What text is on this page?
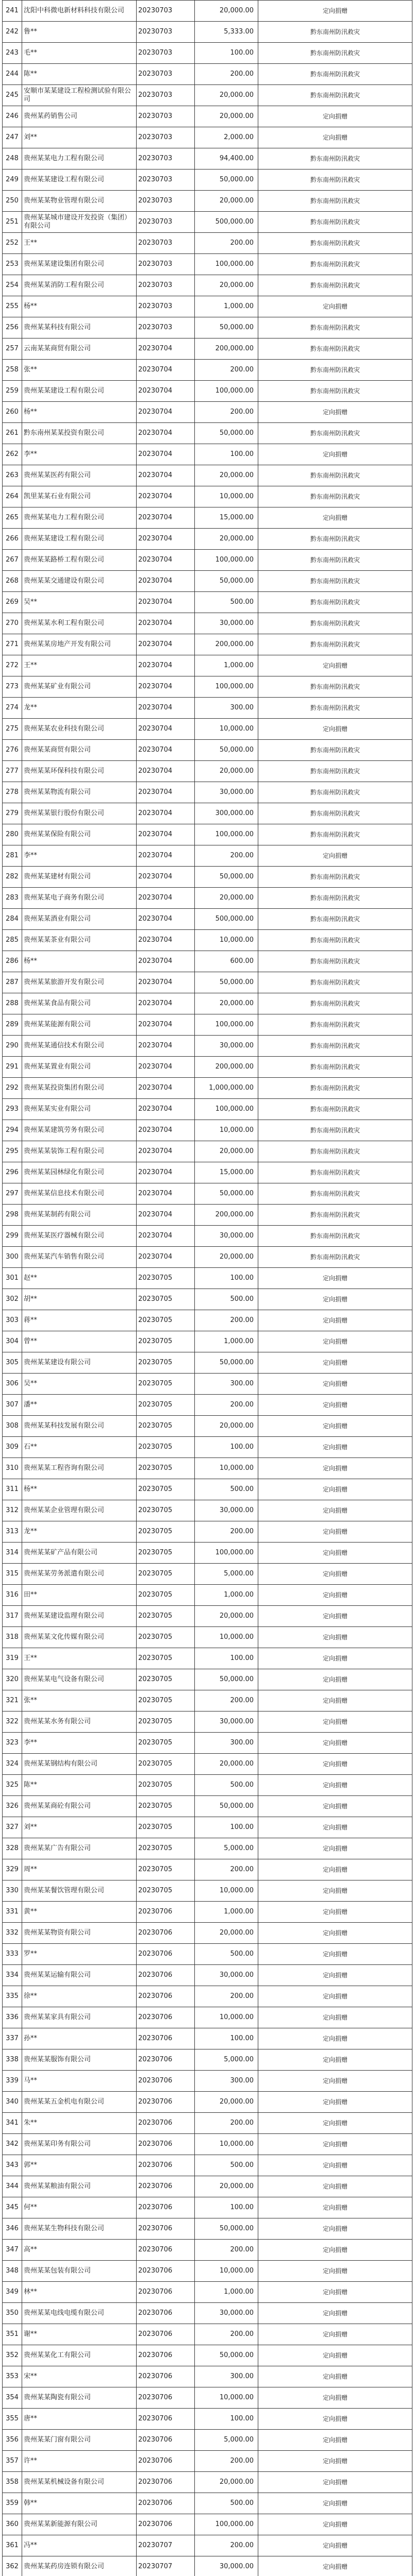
241	沈阳中科微电新材料科技有限公司	20230703	20,000.00	定向捐赠
242	鲁**	20230703	5,333.00	黔东南州防汛救灾
243	毛**	20230703	100.00	黔东南州防汛救灾
244	陈**	20230703	200.00	黔东南州防汛救灾
245	安顺市某某建设工程检测试验有限公司	20230703	20,000.00	黔东南州防汛救灾
246	贵州某药销售公司	20230703	20,000.00	定向捐赠
247	刘**	20230703	2,000.00	定向捐赠
248	贵州某某电力工程有限公司	20230703	94,400.00	黔东南州防汛救灾
249	贵州某某建设工程有限公司	20230703	50,000.00	黔东南州防汛救灾
250	贵州某某物业管理有限公司	20230703	20,000.00	黔东南州防汛救灾
251	贵州某某城市建设开发投资（集团）有限公司	20230703	500,000.00	黔东南州防汛救灾
252	王**	20230703	200.00	黔东南州防汛救灾
253	贵州某某建设集团有限公司	20230703	100,000.00	黔东南州防汛救灾
254	贵州某某消防工程有限公司	20230703	20,000.00	黔东南州防汛救灾
255	杨**	20230703	1,000.00	定向捐赠
256	贵州某某科技有限公司	20230703	50,000.00	黔东南州防汛救灾
257	云南某某商贸有限公司	20230704	200,000.00	黔东南州防汛救灾
258	张**	20230704	200.00	黔东南州防汛救灾
259	贵州某某建设工程有限公司	20230704	100,000.00	黔东南州防汛救灾
260	杨**	20230704	200.00	定向捐赠
261	黔东南州某某投资有限公司	20230704	50,000.00	黔东南州防汛救灾
262	李**	20230704	100.00	定向捐赠
263	贵州某某医药有限公司	20230704	20,000.00	黔东南州防汛救灾
264	凯里某某石业有限公司	20230704	10,000.00	黔东南州防汛救灾
265	贵州某某电力工程有限公司	20230704	15,000.00	定向捐赠
266	贵州某某建设工程有限公司	20230704	20,000.00	黔东南州防汛救灾
267	贵州某某路桥工程有限公司	20230704	100,000.00	黔东南州防汛救灾
268	贵州某某交通建设有限公司	20230704	50,000.00	黔东南州防汛救灾
269	吴**	20230704	500.00	黔东南州防汛救灾
270	贵州某某水利工程有限公司	20230704	30,000.00	黔东南州防汛救灾
271	贵州某某房地产开发有限公司	20230704	200,000.00	黔东南州防汛救灾
272	王**	20230704	1,000.00	定向捐赠
273	贵州某某矿业有限公司	20230704	100,000.00	黔东南州防汛救灾
274	龙**	20230704	300.00	黔东南州防汛救灾
275	贵州某某农业科技有限公司	20230704	10,000.00	定向捐赠
276	贵州某某商贸有限公司	20230704	50,000.00	黔东南州防汛救灾
277	贵州某某环保科技有限公司	20230704	20,000.00	黔东南州防汛救灾
278	贵州某某物流有限公司	20230704	30,000.00	黔东南州防汛救灾
279	贵州某某银行股份有限公司	20230704	300,000.00	黔东南州防汛救灾
280	贵州某某保险有限公司	20230704	100,000.00	黔东南州防汛救灾
281	李**	20230704	200.00	定向捐赠
282	贵州某某建材有限公司	20230704	50,000.00	黔东南州防汛救灾
283	贵州某某电子商务有限公司	20230704	20,000.00	黔东南州防汛救灾
284	贵州某某酒业有限公司	20230704	500,000.00	黔东南州防汛救灾
285	贵州某某茶业有限公司	20230704	10,000.00	黔东南州防汛救灾
286	杨**	20230704	600.00	黔东南州防汛救灾
287	贵州某某旅游开发有限公司	20230704	50,000.00	黔东南州防汛救灾
288	贵州某某食品有限公司	20230704	20,000.00	黔东南州防汛救灾
289	贵州某某能源有限公司	20230704	100,000.00	黔东南州防汛救灾
290	贵州某某通信技术有限公司	20230704	30,000.00	黔东南州防汛救灾
291	贵州某某置业有限公司	20230704	200,000.00	黔东南州防汛救灾
292	贵州某某投资集团有限公司	20230704	1,000,000.00	黔东南州防汛救灾
293	贵州某某实业有限公司	20230704	100,000.00	黔东南州防汛救灾
294	贵州某某建筑劳务有限公司	20230704	10,000.00	黔东南州防汛救灾
295	贵州某某装饰工程有限公司	20230704	20,000.00	黔东南州防汛救灾
296	贵州某某园林绿化有限公司	20230704	15,000.00	黔东南州防汛救灾
297	贵州某某信息技术有限公司	20230704	50,000.00	黔东南州防汛救灾
298	贵州某某制药有限公司	20230704	200,000.00	黔东南州防汛救灾
299	贵州某某医疗器械有限公司	20230704	30,000.00	黔东南州防汛救灾
300	贵州某某汽车销售有限公司	20230704	20,000.00	黔东南州防汛救灾
301	赵**	20230705	100.00	定向捐赠
302	胡**	20230705	500.00	定向捐赠
303	蒋**	20230705	200.00	定向捐赠
304	曾**	20230705	1,000.00	定向捐赠
305	贵州某某建设有限公司	20230705	50,000.00	定向捐赠
306	吴**	20230705	300.00	定向捐赠
307	潘**	20230705	200.00	定向捐赠
308	贵州某某科技发展有限公司	20230705	20,000.00	定向捐赠
309	石**	20230705	100.00	定向捐赠
310	贵州某某工程咨询有限公司	20230705	10,000.00	定向捐赠
311	杨**	20230705	500.00	定向捐赠
312	贵州某某企业管理有限公司	20230705	30,000.00	定向捐赠
313	龙**	20230705	200.00	定向捐赠
314	贵州某某矿产品有限公司	20230705	100,000.00	定向捐赠
315	贵州某某劳务派遣有限公司	20230705	5,000.00	定向捐赠
316	田**	20230705	1,000.00	定向捐赠
317	贵州某某建设监理有限公司	20230705	20,000.00	定向捐赠
318	贵州某某文化传媒有限公司	20230705	10,000.00	定向捐赠
319	王**	20230705	100.00	定向捐赠
320	贵州某某电气设备有限公司	20230705	50,000.00	定向捐赠
321	张**	20230705	200.00	定向捐赠
322	贵州某某水务有限公司	20230705	30,000.00	定向捐赠
323	李**	20230705	300.00	定向捐赠
324	贵州某某钢结构有限公司	20230705	20,000.00	定向捐赠
325	陈**	20230705	500.00	定向捐赠
326	贵州某某商砼有限公司	20230705	50,000.00	定向捐赠
327	刘**	20230705	100.00	定向捐赠
328	贵州某某广告有限公司	20230705	5,000.00	定向捐赠
329	周**	20230705	200.00	定向捐赠
330	贵州某某餐饮管理有限公司	20230705	10,000.00	定向捐赠
331	黄**	20230706	1,000.00	定向捐赠
332	贵州某某物资有限公司	20230706	20,000.00	定向捐赠
333	罗**	20230706	500.00	定向捐赠
334	贵州某某运输有限公司	20230706	30,000.00	定向捐赠
335	徐**	20230706	200.00	定向捐赠
336	贵州某某家具有限公司	20230706	10,000.00	定向捐赠
337	孙**	20230706	100.00	定向捐赠
338	贵州某某服饰有限公司	20230706	5,000.00	定向捐赠
339	马**	20230706	300.00	定向捐赠
340	贵州某某五金机电有限公司	20230706	20,000.00	定向捐赠
341	朱**	20230706	200.00	定向捐赠
342	贵州某某印务有限公司	20230706	10,000.00	定向捐赠
343	郭**	20230706	500.00	定向捐赠
344	贵州某某粮油有限公司	20230706	20,000.00	定向捐赠
345	何**	20230706	100.00	定向捐赠
346	贵州某某生物科技有限公司	20230706	50,000.00	定向捐赠
347	高**	20230706	200.00	定向捐赠
348	贵州某某包装有限公司	20230706	10,000.00	定向捐赠
349	林**	20230706	1,000.00	定向捐赠
350	贵州某某电线电缆有限公司	20230706	30,000.00	定向捐赠
351	谢**	20230706	200.00	定向捐赠
352	贵州某某化工有限公司	20230706	50,000.00	定向捐赠
353	宋**	20230706	300.00	定向捐赠
354	贵州某某陶瓷有限公司	20230706	10,000.00	定向捐赠
355	唐**	20230706	100.00	定向捐赠
356	贵州某某门窗有限公司	20230706	5,000.00	定向捐赠
357	许**	20230706	200.00	定向捐赠
358	贵州某某机械设备有限公司	20230706	20,000.00	定向捐赠
359	韩**	20230706	500.00	定向捐赠
360	贵州某某新能源有限公司	20230706	100,000.00	定向捐赠
361	冯**	20230707	200.00	定向捐赠
362	贵州某某药房连锁有限公司	20230707	30,000.00	定向捐赠
